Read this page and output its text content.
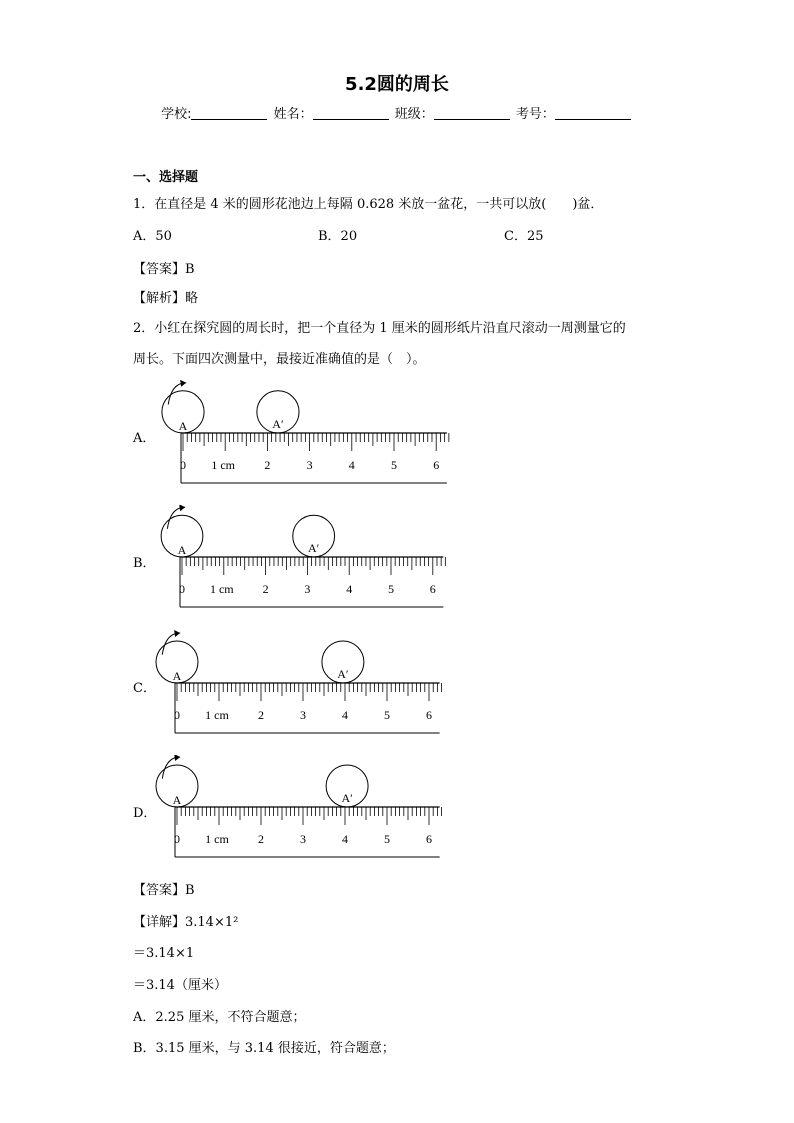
5.2圆的周长
学校:	姓名：	班级：	考号：
一、选择题
1．在直径是 4 米的圆形花池边上每隔 0.628 米放一盆花，一共可以放(　　)盆．
A．50	B．20	C．25
【答案】B
【解析】略
2．小红在探究圆的周长时，把一个直径为 1 厘米的圆形纸片沿直尺滚动一周测量它的
周长。下面四次测量中，最接近准确值的是（　）。
A．
0 1 cm 2	3	4	5	6
A	A′
B．
0 1 cm 2	3	4	5	6
A	A′
C．
0 1 cm 2	3	4	5	6
A	A′
D．
0 1 cm 2	3	4	5	6
A	A′
【答案】B
【详解】3.14×1²
＝3.14×1
＝3.14（厘米）
A．2.25 厘米，不符合题意；
B．3.15 厘米，与 3.14 很接近，符合题意；
